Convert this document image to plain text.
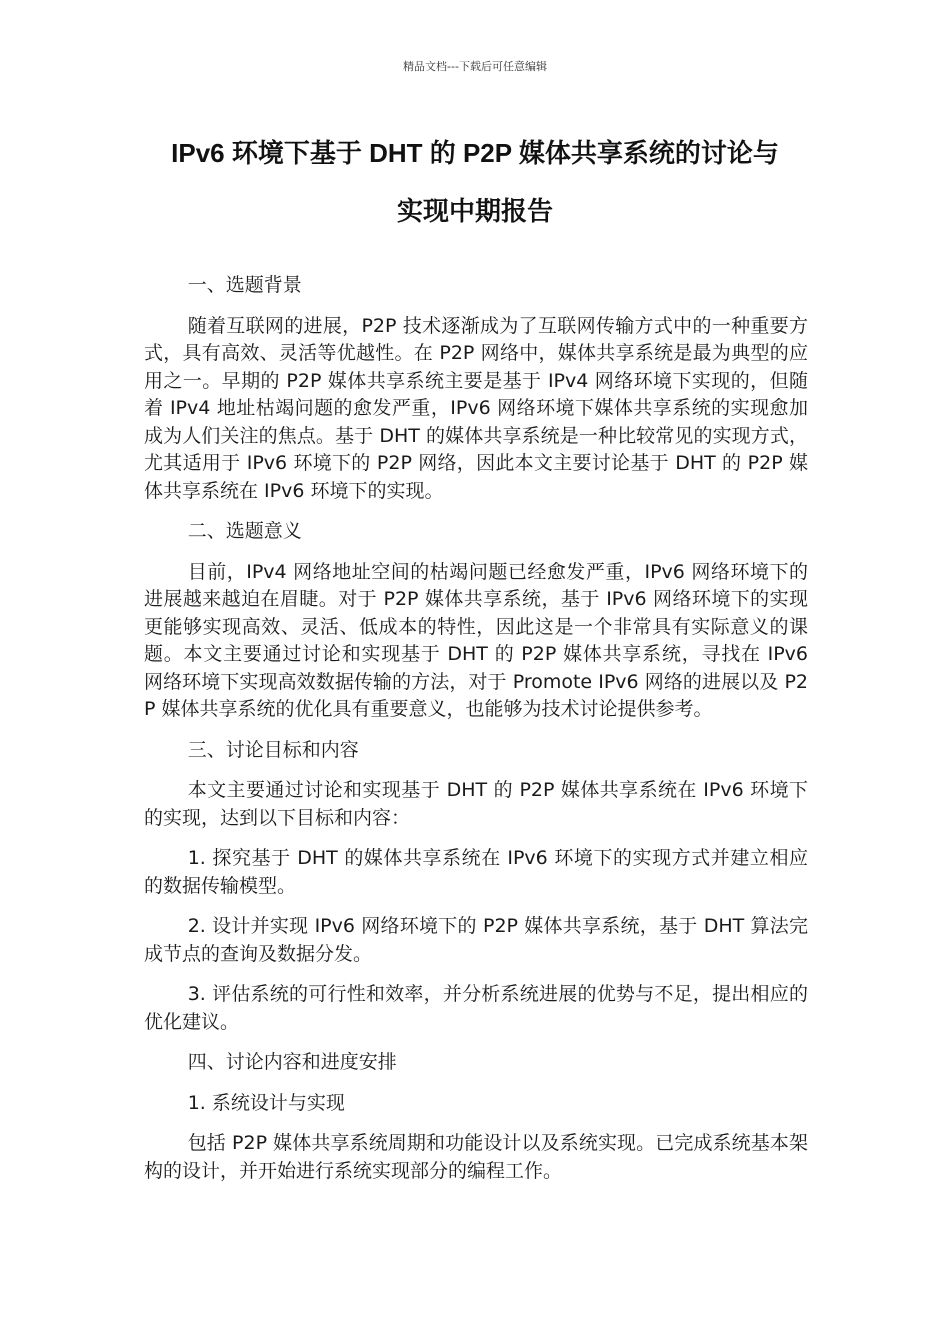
精品文档---下载后可任意编辑
IPv6 环境下基于 DHT 的 P2P 媒体共享系统的讨论与
实现中期报告

一、选题背景

随着互联网的进展，P2P 技术逐渐成为了互联网传输方式中的一种重要方式，具有高效、灵活等优越性。在 P2P 网络中，媒体共享系统是最为典型的应用之一。早期的 P2P 媒体共享系统主要是基于 IPv4 网络环境下实现的，但随着 IPv4 地址枯竭问题的愈发严重，IPv6 网络环境下媒体共享系统的实现愈加成为人们关注的焦点。基于 DHT 的媒体共享系统是一种比较常见的实现方式，尤其适用于 IPv6 环境下的 P2P 网络，因此本文主要讨论基于 DHT 的 P2P 媒体共享系统在 IPv6 环境下的实现。

二、选题意义

目前，IPv4 网络地址空间的枯竭问题已经愈发严重，IPv6 网络环境下的进展越来越迫在眉睫。对于 P2P 媒体共享系统，基于 IPv6 网络环境下的实现更能够实现高效、灵活、低成本的特性，因此这是一个非常具有实际意义的课题。本文主要通过讨论和实现基于 DHT 的 P2P 媒体共享系统，寻找在 IPv6 网络环境下实现高效数据传输的方法，对于 Promote IPv6 网络的进展以及 P2P 媒体共享系统的优化具有重要意义，也能够为技术讨论提供参考。

三、讨论目标和内容

本文主要通过讨论和实现基于 DHT 的 P2P 媒体共享系统在 IPv6 环境下的实现，达到以下目标和内容：

1. 探究基于 DHT 的媒体共享系统在 IPv6 环境下的实现方式并建立相应的数据传输模型。

2. 设计并实现 IPv6 网络环境下的 P2P 媒体共享系统，基于 DHT 算法完成节点的查询及数据分发。

3. 评估系统的可行性和效率，并分析系统进展的优势与不足，提出相应的优化建议。

四、讨论内容和进度安排

1. 系统设计与实现

包括 P2P 媒体共享系统周期和功能设计以及系统实现。已完成系统基本架构的设计，并开始进行系统实现部分的编程工作。
